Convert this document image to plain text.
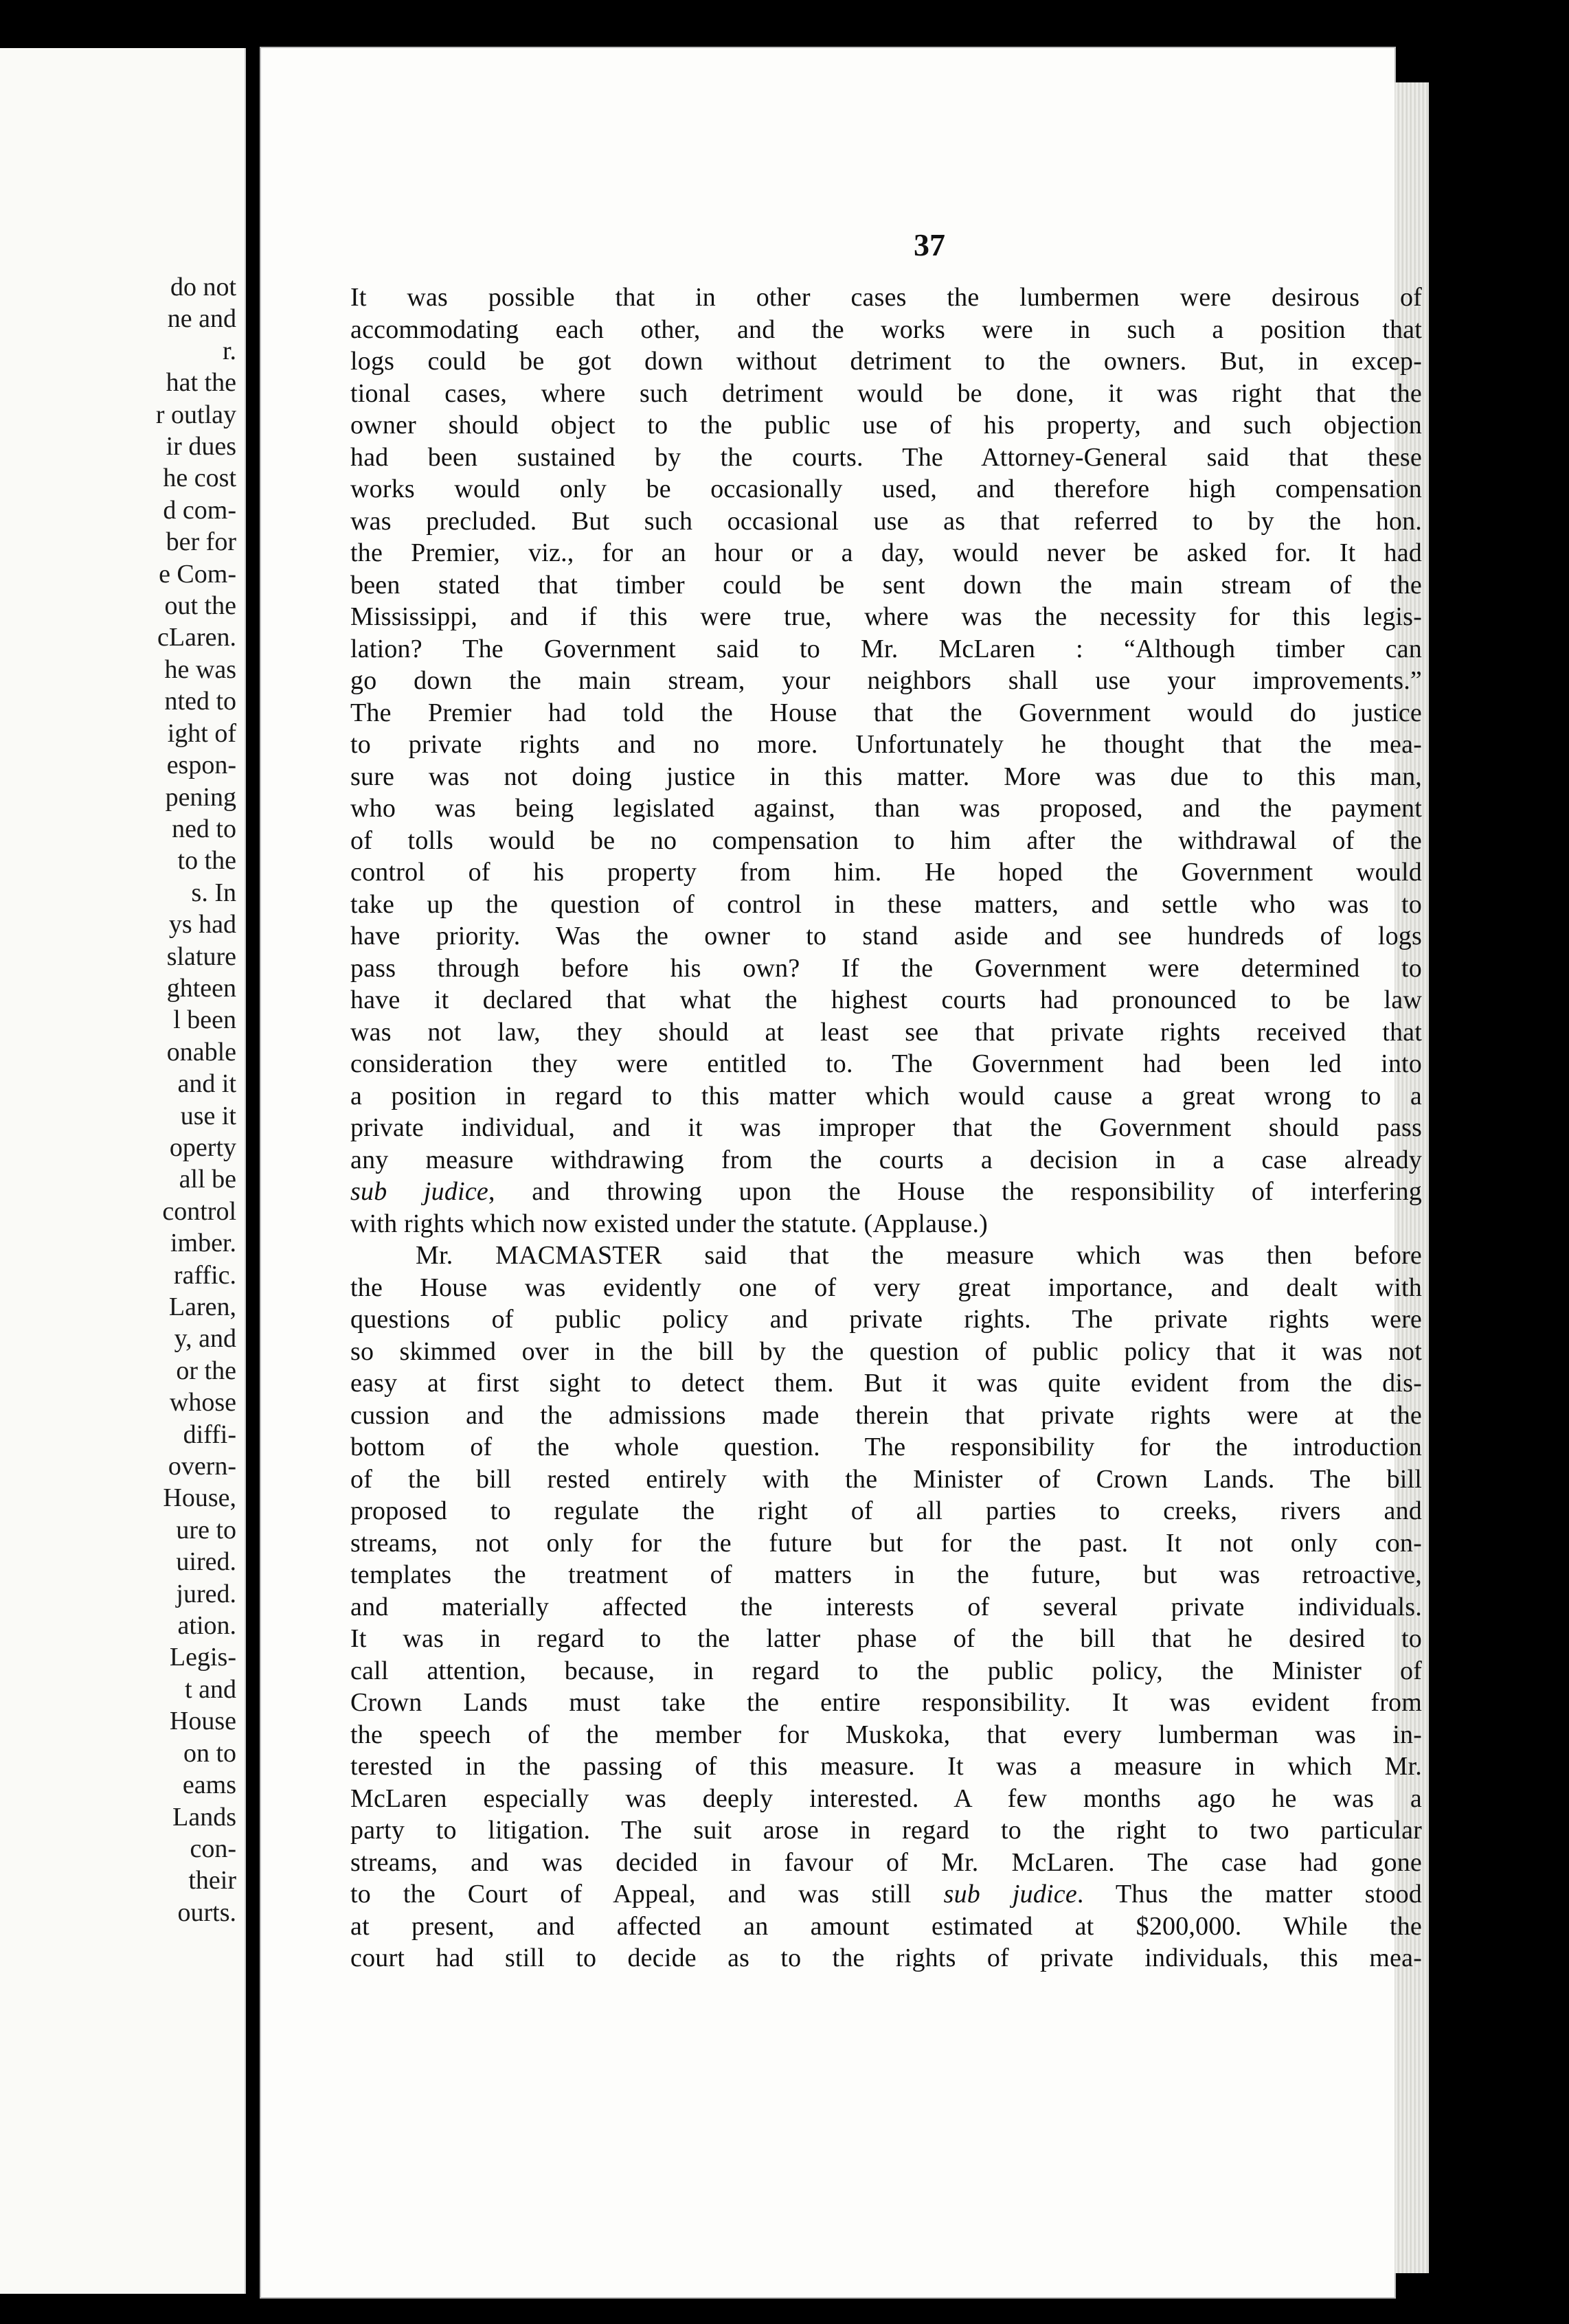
do not
ne and
r.
hat the
r outlay
ir dues
he cost
d com-
ber for
e Com-
out the
cLaren.
he was
nted to
ight of
espon-
pening
ned to
to the
s. In
ys had
slature
ghteen
l been
onable
and it
use it
operty
all be
control
imber.
raffic.
Laren,
y, and
or the
whose
diffi-
overn-
House,
ure to
uired.
jured.
ation.
Legis-
t and
House
on to
eams
Lands
con-
their
ourts.
37
It was possible that in other cases the lumbermen were desirous of
accommodating each other, and the works were in such a position that
logs could be got down without detriment to the owners. But, in excep-
tional cases, where such detriment would be done, it was right that the
owner should object to the public use of his property, and such objection
had been sustained by the courts. The Attorney-General said that these
works would only be occasionally used, and therefore high compensation
was precluded. But such occasional use as that referred to by the hon.
the Premier, viz., for an hour or a day, would never be asked for. It had
been stated that timber could be sent down the main stream of the
Mississippi, and if this were true, where was the necessity for this legis-
lation? The Government said to Mr. McLaren : “Although timber can
go down the main stream, your neighbors shall use your improvements.”
The Premier had told the House that the Government would do justice
to private rights and no more. Unfortunately he thought that the mea-
sure was not doing justice in this matter. More was due to this man,
who was being legislated against, than was proposed, and the payment
of tolls would be no compensation to him after the withdrawal of the
control of his property from him. He hoped the Government would
take up the question of control in these matters, and settle who was to
have priority. Was the owner to stand aside and see hundreds of logs
pass through before his own? If the Government were determined to
have it declared that what the highest courts had pronounced to be law
was not law, they should at least see that private rights received that
consideration they were entitled to. The Government had been led into
a position in regard to this matter which would cause a great wrong to a
private individual, and it was improper that the Government should pass
any measure withdrawing from the courts a decision in a case already
sub judice, and throwing upon the House the responsibility of interfering
with rights which now existed under the statute. (Applause.)
Mr. MACMASTER said that the measure which was then before
the House was evidently one of very great importance, and dealt with
questions of public policy and private rights. The private rights were
so skimmed over in the bill by the question of public policy that it was not
easy at first sight to detect them. But it was quite evident from the dis-
cussion and the admissions made therein that private rights were at the
bottom of the whole question. The responsibility for the introduction
of the bill rested entirely with the Minister of Crown Lands. The bill
proposed to regulate the right of all parties to creeks, rivers and
streams, not only for the future but for the past. It not only con-
templates the treatment of matters in the future, but was retroactive,
and materially affected the interests of several private individuals.
It was in regard to the latter phase of the bill that he desired to
call attention, because, in regard to the public policy, the Minister of
Crown Lands must take the entire responsibility. It was evident from
the speech of the member for Muskoka, that every lumberman was in-
terested in the passing of this measure. It was a measure in which Mr.
McLaren especially was deeply interested. A few months ago he was a
party to litigation. The suit arose in regard to the right to two particular
streams, and was decided in favour of Mr. McLaren. The case had gone
to the Court of Appeal, and was still sub judice. Thus the matter stood
at present, and affected an amount estimated at $200,000. While the
court had still to decide as to the rights of private individuals, this mea-
